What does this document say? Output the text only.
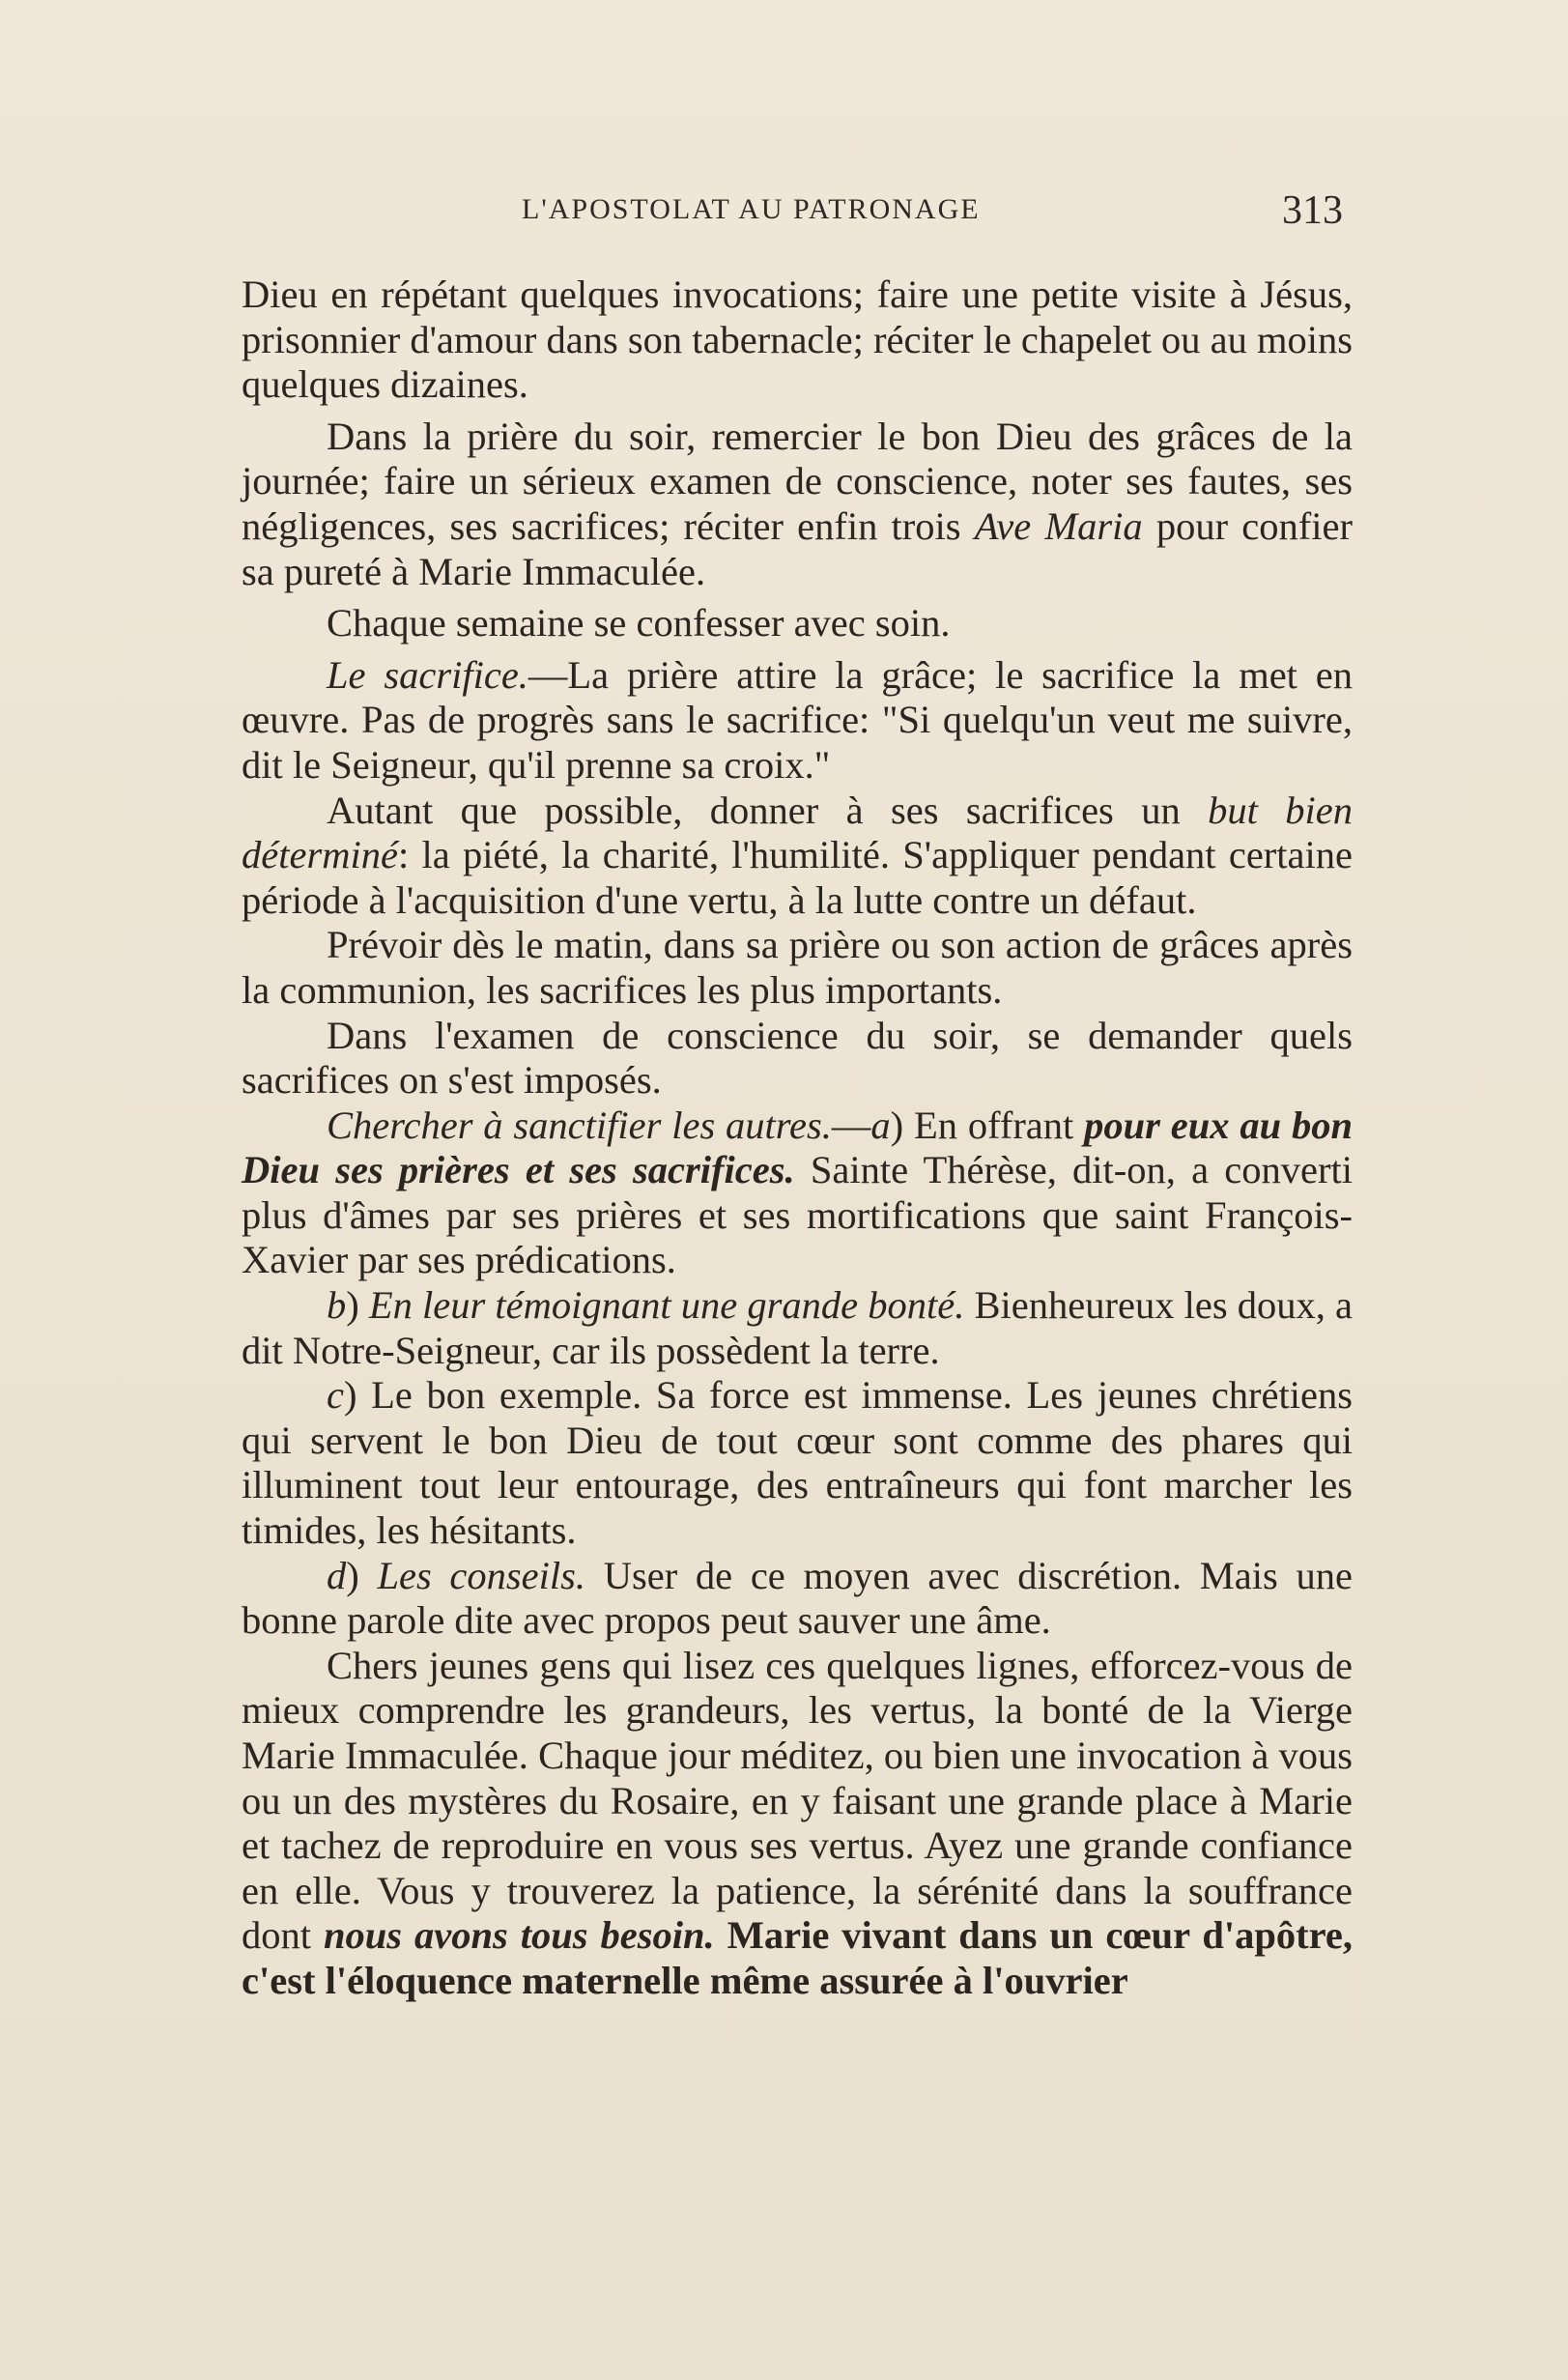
L'APOSTOLAT AU PATRONAGE	313

Dieu en répétant quelques invocations; faire une petite visite à Jésus, prisonnier d'amour dans son tabernacle; réciter le chapelet ou au moins quelques dizaines.

Dans la prière du soir, remercier le bon Dieu des grâces de la journée; faire un sérieux examen de conscience, noter ses fautes, ses négligences, ses sacrifices; réciter enfin trois Ave Maria pour confier sa pureté à Marie Immaculée.

Chaque semaine se confesser avec soin.

Le sacrifice.—La prière attire la grâce; le sacrifice la met en œuvre. Pas de progrès sans le sacrifice: "Si quelqu'un veut me suivre, dit le Seigneur, qu'il prenne sa croix."

Autant que possible, donner à ses sacrifices un but bien déterminé: la piété, la charité, l'humilité. S'appliquer pendant certaine période à l'acquisition d'une vertu, à la lutte contre un défaut.

Prévoir dès le matin, dans sa prière ou son action de grâces après la communion, les sacrifices les plus importants.

Dans l'examen de conscience du soir, se demander quels sacrifices on s'est imposés.

Chercher à sanctifier les autres.—a) En offrant pour eux au bon Dieu ses prières et ses sacrifices. Sainte Thérèse, dit-on, a converti plus d'âmes par ses prières et ses mortifications que saint François-Xavier par ses prédications.

b) En leur témoignant une grande bonté. Bienheureux les doux, a dit Notre-Seigneur, car ils possèdent la terre.

c) Le bon exemple. Sa force est immense. Les jeunes chrétiens qui servent le bon Dieu de tout cœur sont comme des phares qui illuminent tout leur entourage, des entraîneurs qui font marcher les timides, les hésitants.

d) Les conseils. User de ce moyen avec discrétion. Mais une bonne parole dite avec propos peut sauver une âme.

Chers jeunes gens qui lisez ces quelques lignes, efforcez-vous de mieux comprendre les grandeurs, les vertus, la bonté de la Vierge Marie Immaculée. Chaque jour méditez, ou bien une invocation à vous ou un des mystères du Rosaire, en y faisant une grande place à Marie et tachez de reproduire en vous ses vertus. Ayez une grande confiance en elle. Vous y trouverez la patience, la sérénité dans la souffrance dont nous avons tous besoin. Marie vivant dans un cœur d'apôtre, c'est l'éloquence maternelle même assurée à l'ouvrier
